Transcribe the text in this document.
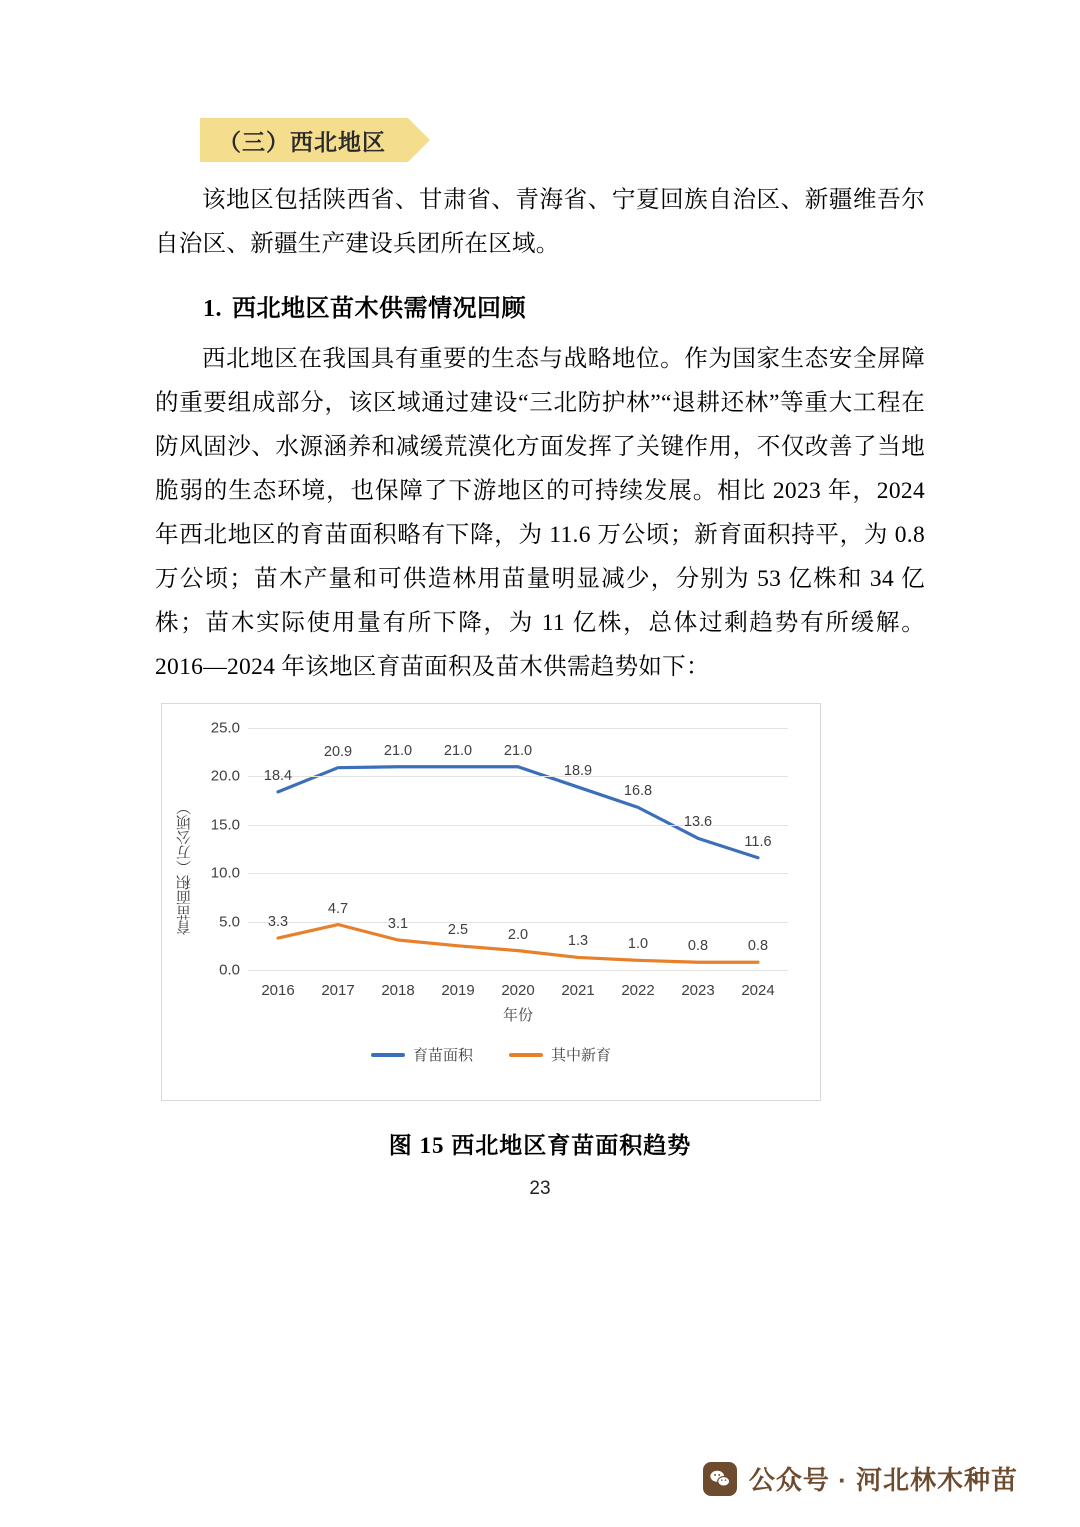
（三）西北地区

该地区包括陕西省、甘肃省、青海省、宁夏回族自治区、新疆维吾尔自治区、新疆生产建设兵团所在区域。

1. 西北地区苗木供需情况回顾

西北地区在我国具有重要的生态与战略地位。作为国家生态安全屏障的重要组成部分，该区域通过建设“三北防护林”“退耕还林”等重大工程在防风固沙、水源涵养和减缓荒漠化方面发挥了关键作用，不仅改善了当地脆弱的生态环境，也保障了下游地区的可持续发展。相比 2023 年，2024 年西北地区的育苗面积略有下降，为 11.6 万公顷；新育面积持平，为 0.8 万公顷；苗木产量和可供造林用苗量明显减少，分别为 53 亿株和 34 亿株；苗木实际使用量有所下降，为 11 亿株，总体过剩趋势有所缓解。2016—2024 年该地区育苗面积及苗木供需趋势如下：

育苗面积（万公顷）
0.0
5.0
10.0
15.0
20.0
25.0
2016 2017 2018 2019 2020 2021 2022 2023 2024
18.4
20.9 21.0 21.0 21.0
18.9
16.8
13.6
11.6
3.3
4.7
3.1	2.5	2.0	1.3	1.0	0.8	0.8
年份
育苗面积	其中新育
图 15 西北地区育苗面积趋势
23
公众号 · 河北林木种苗
